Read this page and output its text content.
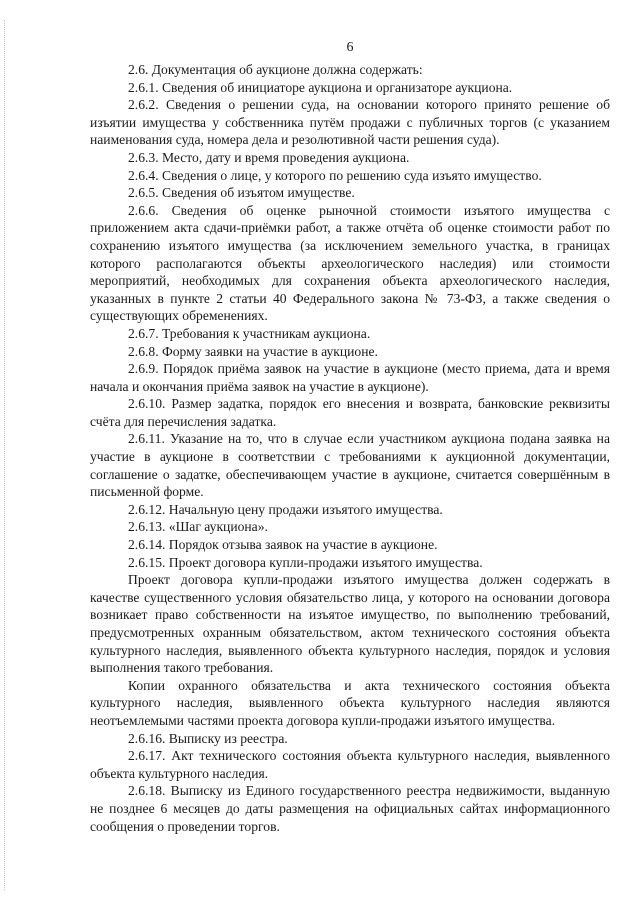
6

2.6. Документация об аукционе должна содержать:

2.6.1. Сведения об инициаторе аукциона и организаторе аукциона.

2.6.2. Сведения о решении суда, на основании которого принято решение об изъятии имущества у собственника путём продажи с публичных торгов (с указанием наименования суда, номера дела и резолютивной части решения суда).

2.6.3. Место, дату и время проведения аукциона.

2.6.4. Сведения о лице, у которого по решению суда изъято имущество.

2.6.5. Сведения об изъятом имуществе.

2.6.6. Сведения об оценке рыночной стоимости изъятого имущества с приложением акта сдачи-приёмки работ, а также отчёта об оценке стоимости работ по сохранению изъятого имущества (за исключением земельного участка, в границах которого располагаются объекты археологического наследия) или стоимости мероприятий, необходимых для сохранения объекта археологического наследия, указанных в пункте 2 статьи 40 Федерального закона № 73-ФЗ, а также сведения о существующих обременениях.

2.6.7. Требования к участникам аукциона.

2.6.8. Форму заявки на участие в аукционе.

2.6.9. Порядок приёма заявок на участие в аукционе (место приема, дата и время начала и окончания приёма заявок на участие в аукционе).

2.6.10. Размер задатка, порядок его внесения и возврата, банковские реквизиты счёта для перечисления задатка.

2.6.11. Указание на то, что в случае если участником аукциона подана заявка на участие в аукционе в соответствии с требованиями к аукционной документации, соглашение о задатке, обеспечивающем участие в аукционе, считается совершённым в письменной форме.

2.6.12. Начальную цену продажи изъятого имущества.

2.6.13. «Шаг аукциона».

2.6.14. Порядок отзыва заявок на участие в аукционе.

2.6.15. Проект договора купли-продажи изъятого имущества.

Проект договора купли-продажи изъятого имущества должен содержать в качестве существенного условия обязательство лица, у которого на основании договора возникает право собственности на изъятое имущество, по выполнению требований, предусмотренных охранным обязательством, актом технического состояния объекта культурного наследия, выявленного объекта культурного наследия, порядок и условия выполнения такого требования.

Копии охранного обязательства и акта технического состояния объекта культурного наследия, выявленного объекта культурного наследия являются неотъемлемыми частями проекта договора купли-продажи изъятого имущества.

2.6.16. Выписку из реестра.

2.6.17. Акт технического состояния объекта культурного наследия, выявленного объекта культурного наследия.

2.6.18. Выписку из Единого государственного реестра недвижимости, выданную не позднее 6 месяцев до даты размещения на официальных сайтах информационного сообщения о проведении торгов.
